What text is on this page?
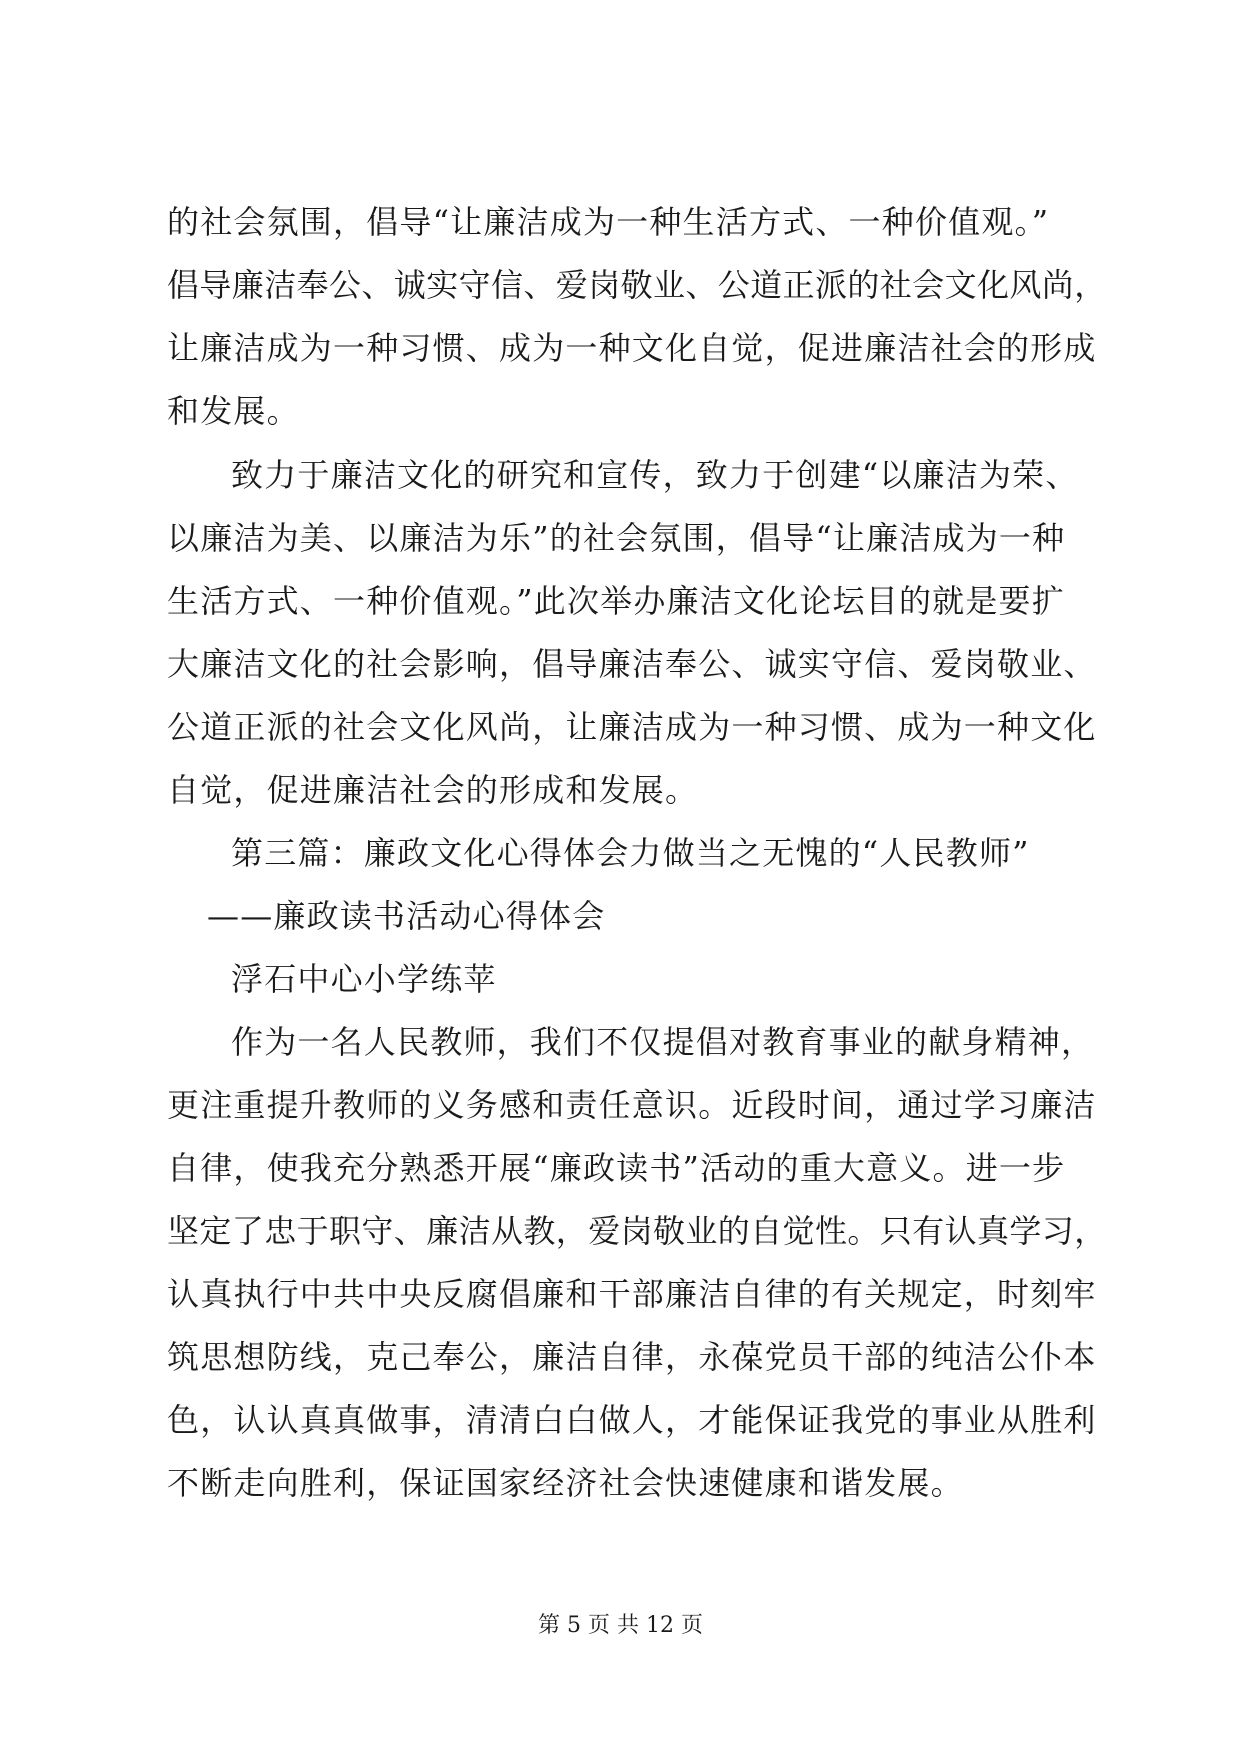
的社会氛围，倡导“让廉洁成为一种生活方式、一种价值观。”
倡导廉洁奉公、诚实守信、爱岗敬业、公道正派的社会文化风尚，
让廉洁成为一种习惯、成为一种文化自觉，促进廉洁社会的形成
和发展。
致力于廉洁文化的研究和宣传，致力于创建“以廉洁为荣、
以廉洁为美、以廉洁为乐”的社会氛围，倡导“让廉洁成为一种
生活方式、一种价值观。”此次举办廉洁文化论坛目的就是要扩
大廉洁文化的社会影响，倡导廉洁奉公、诚实守信、爱岗敬业、
公道正派的社会文化风尚，让廉洁成为一种习惯、成为一种文化
自觉，促进廉洁社会的形成和发展。
第三篇：廉政文化心得体会力做当之无愧的“人民教师”
——廉政读书活动心得体会
浮石中心小学练苹
作为一名人民教师，我们不仅提倡对教育事业的献身精神，
更注重提升教师的义务感和责任意识。近段时间，通过学习廉洁
自律，使我充分熟悉开展“廉政读书”活动的重大意义。进一步
坚定了忠于职守、廉洁从教，爱岗敬业的自觉性。只有认真学习，
认真执行中共中央反腐倡廉和干部廉洁自律的有关规定，时刻牢
筑思想防线，克己奉公，廉洁自律，永葆党员干部的纯洁公仆本
色，认认真真做事，清清白白做人，才能保证我党的事业从胜利
不断走向胜利，保证国家经济社会快速健康和谐发展。
第 5 页 共 12 页
